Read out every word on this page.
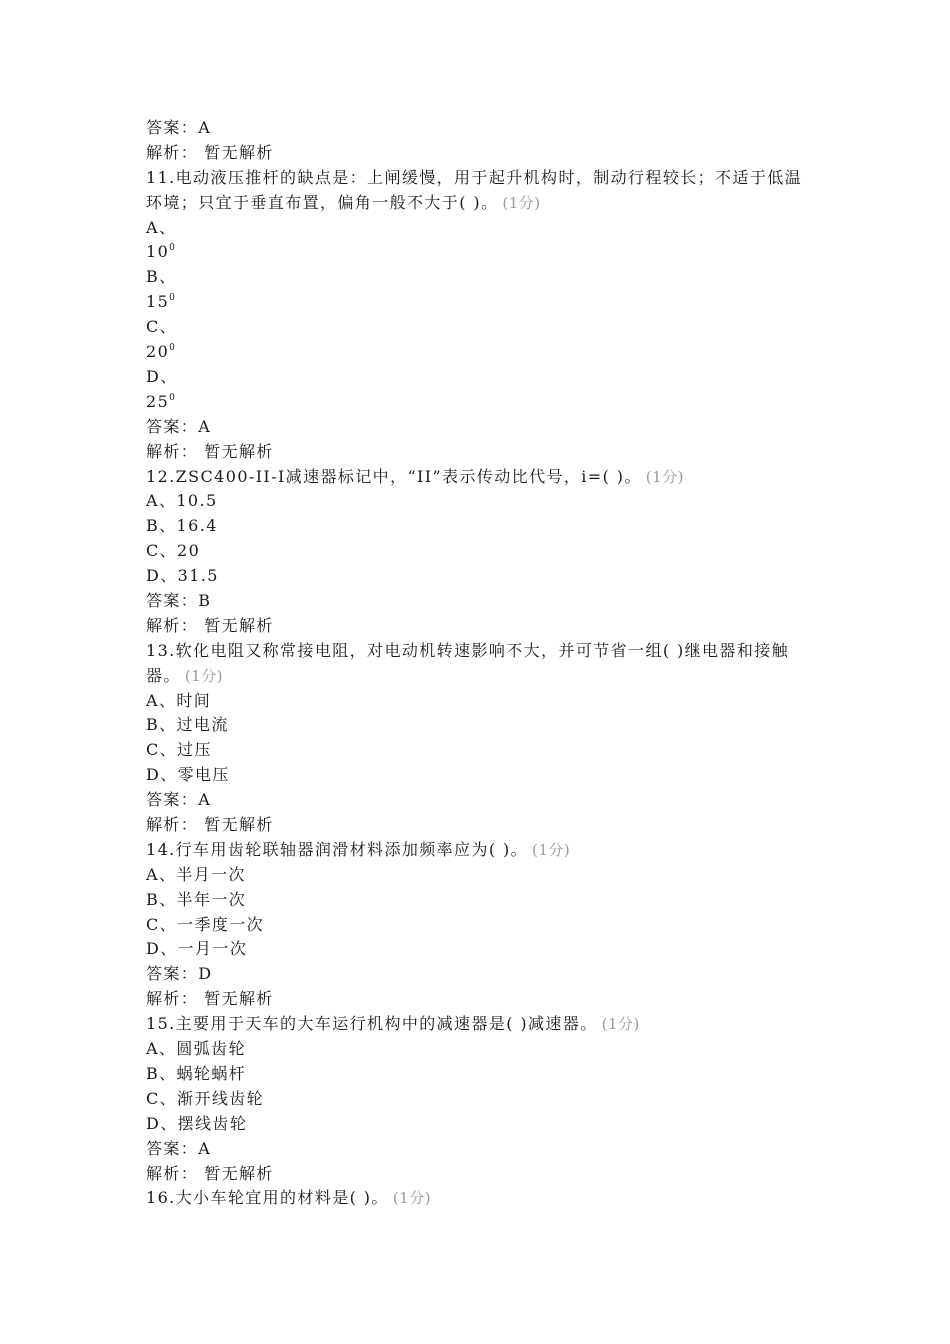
答案：A
解析： 暂无解析
11.电动液压推杆的缺点是：上闸缓慢，用于起升机构时，制动行程较长；不适于低温环境；只宜于垂直布置，偏角一般不大于( )。 (1分)
A、
$10^0$
B、
$15^0$
C、
$20^0$
D、
$25^0$
答案：A
解析： 暂无解析
12.ZSC400-II-I减速器标记中，“II”表示传动比代号，i=( )。 (1分)
A、10.5
B、16.4
C、20
D、31.5
答案：B
解析： 暂无解析
13.软化电阻又称常接电阻，对电动机转速影响不大，并可节省一组( )继电器和接触器。 (1分)
A、时间
B、过电流
C、过压
D、零电压
答案：A
解析： 暂无解析
14.行车用齿轮联轴器润滑材料添加频率应为( )。 (1分)
A、半月一次
B、半年一次
C、一季度一次
D、一月一次
答案：D
解析： 暂无解析
15.主要用于天车的大车运行机构中的减速器是( )减速器。 (1分)
A、圆弧齿轮
B、蜗轮蜗杆
C、渐开线齿轮
D、摆线齿轮
答案：A
解析： 暂无解析
16.大小车轮宜用的材料是( )。 (1分)
